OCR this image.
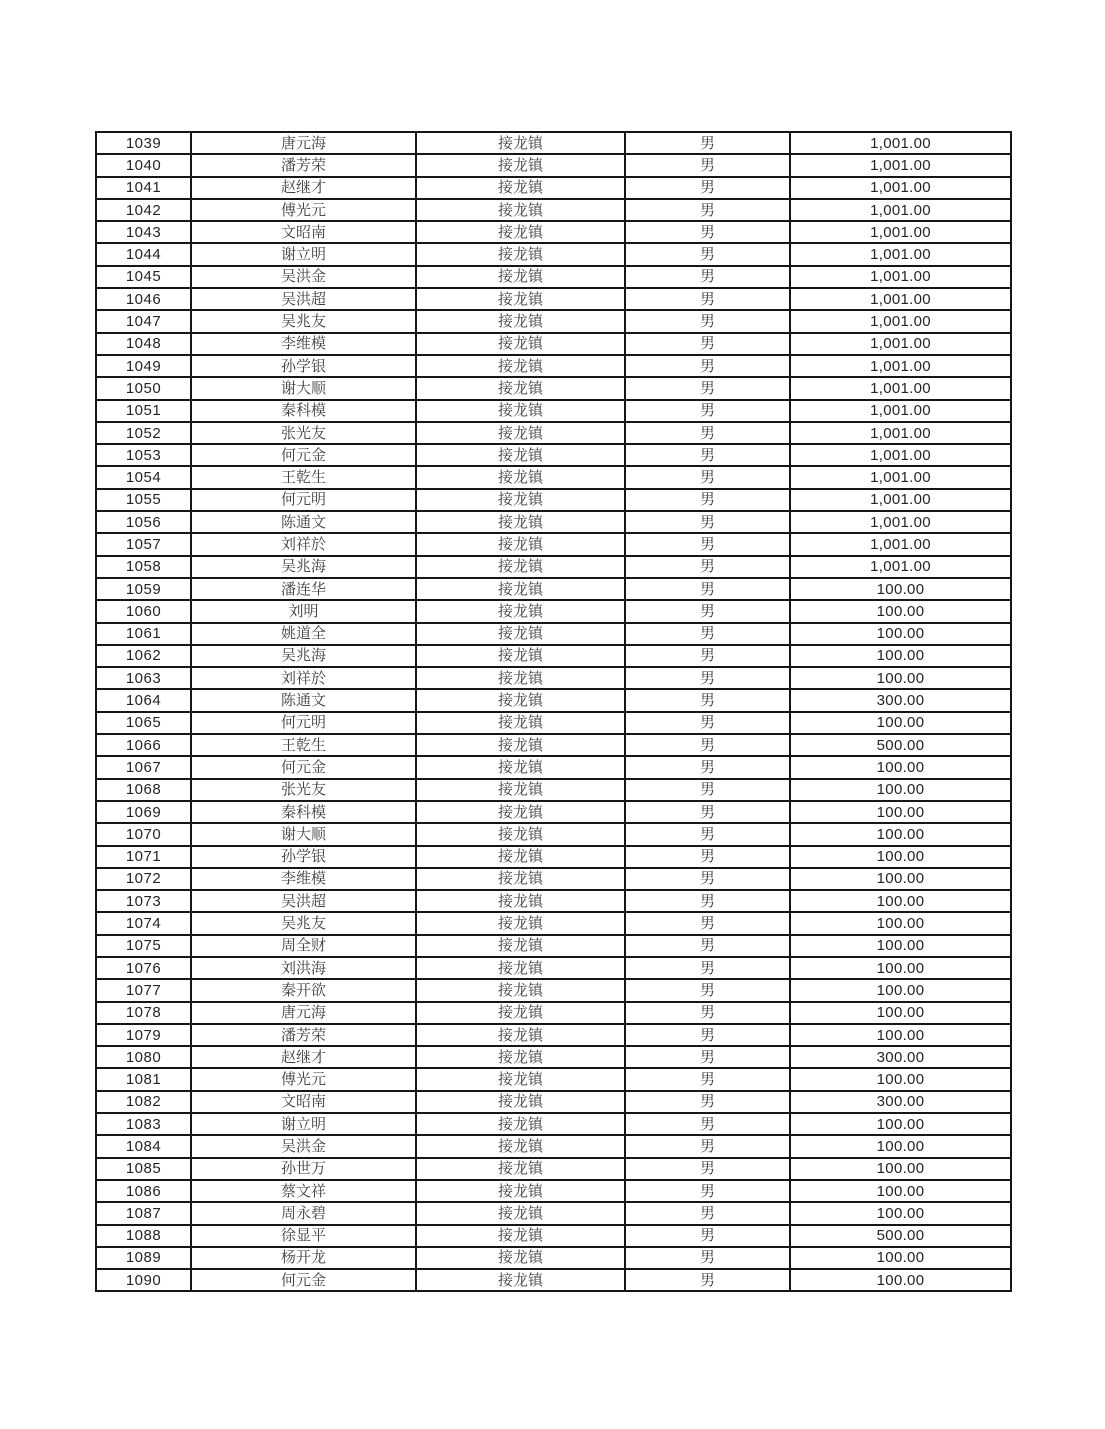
1039	唐元海	接龙镇	男	1,001.00
1040	潘芳荣	接龙镇	男	1,001.00
1041	赵继才	接龙镇	男	1,001.00
1042	傅光元	接龙镇	男	1,001.00
1043	文昭南	接龙镇	男	1,001.00
1044	谢立明	接龙镇	男	1,001.00
1045	吴洪金	接龙镇	男	1,001.00
1046	吴洪超	接龙镇	男	1,001.00
1047	吴兆友	接龙镇	男	1,001.00
1048	李维模	接龙镇	男	1,001.00
1049	孙学银	接龙镇	男	1,001.00
1050	谢大顺	接龙镇	男	1,001.00
1051	秦科模	接龙镇	男	1,001.00
1052	张光友	接龙镇	男	1,001.00
1053	何元金	接龙镇	男	1,001.00
1054	王乾生	接龙镇	男	1,001.00
1055	何元明	接龙镇	男	1,001.00
1056	陈通文	接龙镇	男	1,001.00
1057	刘祥於	接龙镇	男	1,001.00
1058	吴兆海	接龙镇	男	1,001.00
1059	潘连华	接龙镇	男	100.00
1060	刘明	接龙镇	男	100.00
1061	姚道全	接龙镇	男	100.00
1062	吴兆海	接龙镇	男	100.00
1063	刘祥於	接龙镇	男	100.00
1064	陈通文	接龙镇	男	300.00
1065	何元明	接龙镇	男	100.00
1066	王乾生	接龙镇	男	500.00
1067	何元金	接龙镇	男	100.00
1068	张光友	接龙镇	男	100.00
1069	秦科模	接龙镇	男	100.00
1070	谢大顺	接龙镇	男	100.00
1071	孙学银	接龙镇	男	100.00
1072	李维模	接龙镇	男	100.00
1073	吴洪超	接龙镇	男	100.00
1074	吴兆友	接龙镇	男	100.00
1075	周全财	接龙镇	男	100.00
1076	刘洪海	接龙镇	男	100.00
1077	秦开欲	接龙镇	男	100.00
1078	唐元海	接龙镇	男	100.00
1079	潘芳荣	接龙镇	男	100.00
1080	赵继才	接龙镇	男	300.00
1081	傅光元	接龙镇	男	100.00
1082	文昭南	接龙镇	男	300.00
1083	谢立明	接龙镇	男	100.00
1084	吴洪金	接龙镇	男	100.00
1085	孙世万	接龙镇	男	100.00
1086	蔡文祥	接龙镇	男	100.00
1087	周永碧	接龙镇	男	100.00
1088	徐显平	接龙镇	男	500.00
1089	杨开龙	接龙镇	男	100.00
1090	何元金	接龙镇	男	100.00
